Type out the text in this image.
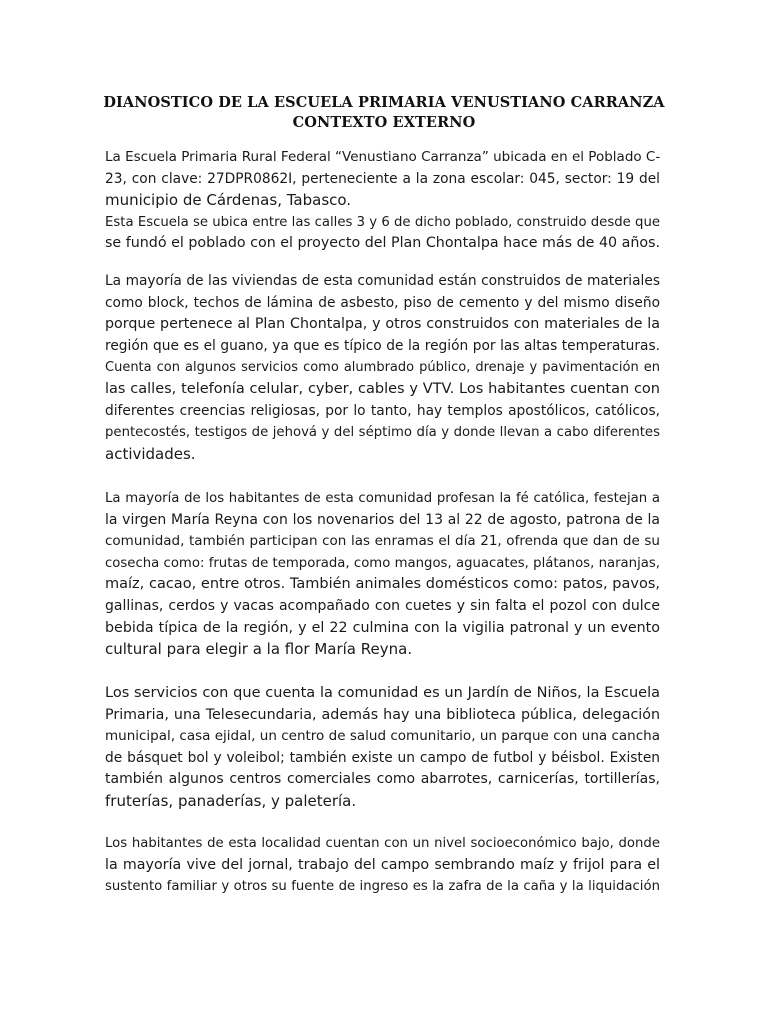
DIANOSTICO DE LA ESCUELA PRIMARIA VENUSTIANO CARRANZA
CONTEXTO EXTERNO
La Escuela Primaria Rural Federal “Venustiano Carranza” ubicada en el Poblado C-
23, con clave: 27DPR0862I, perteneciente a la zona escolar: 045, sector: 19 del
municipio de Cárdenas, Tabasco.
Esta Escuela se ubica entre las calles 3 y 6 de dicho poblado, construido desde que
se fundó el poblado con el proyecto del Plan Chontalpa hace más de 40 años.
La mayoría de las viviendas de esta comunidad están construidos de materiales
como block, techos de lámina de asbesto, piso de cemento y del mismo diseño
porque pertenece al Plan Chontalpa, y otros construidos con materiales de la
región que es el guano, ya que es típico de la región por las altas temperaturas.
Cuenta con algunos servicios como alumbrado público, drenaje y pavimentación en
las calles, telefonía celular, cyber, cables y VTV. Los habitantes cuentan con
diferentes creencias religiosas, por lo tanto, hay templos apostólicos, católicos,
pentecostés, testigos de jehová y del séptimo día y donde llevan a cabo diferentes
actividades.
La mayoría de los habitantes de esta comunidad profesan la fé católica, festejan a
la virgen María Reyna con los novenarios del 13 al 22 de agosto, patrona de la
comunidad, también participan con las enramas el día 21, ofrenda que dan de su
cosecha como: frutas de temporada, como mangos, aguacates, plátanos, naranjas,
maíz, cacao, entre otros. También animales domésticos como: patos, pavos,
gallinas, cerdos y vacas acompañado con cuetes y sin falta el pozol con dulce
bebida típica de la región, y el 22 culmina con la vigilia patronal y un evento
cultural para elegir a la flor María Reyna.
Los servicios con que cuenta la comunidad es un Jardín de Niños, la Escuela
Primaria, una Telesecundaria, además hay una biblioteca pública, delegación
municipal, casa ejidal, un centro de salud comunitario, un parque con una cancha
de básquet bol y voleibol; también existe un campo de futbol y béisbol. Existen
también algunos centros comerciales como abarrotes, carnicerías, tortillerías,
fruterías, panaderías, y paletería.
Los habitantes de esta localidad cuentan con un nivel socioeconómico bajo, donde
la mayoría vive del jornal, trabajo del campo sembrando maíz y frijol para el
sustento familiar y otros su fuente de ingreso es la zafra de la caña y la liquidación
